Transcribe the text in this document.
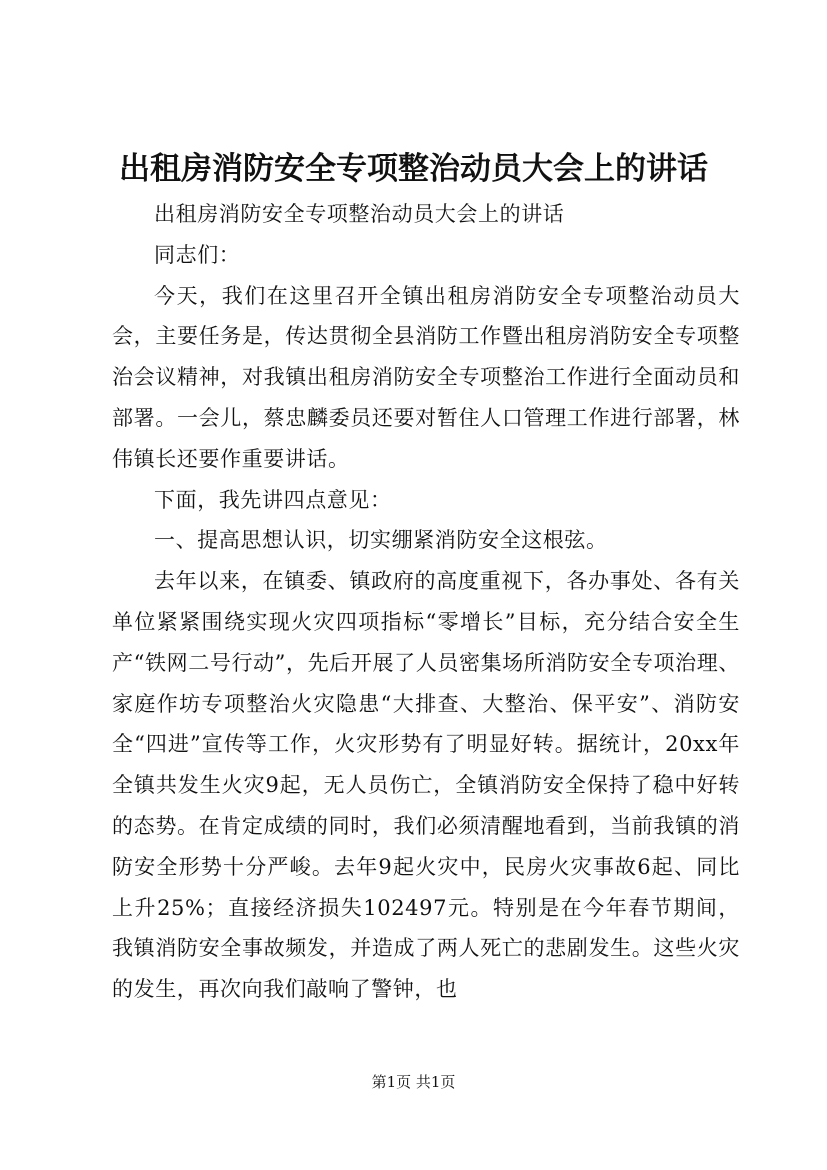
出租房消防安全专项整治动员大会上的讲话

出租房消防安全专项整治动员大会上的讲话

同志们：

今天，我们在这里召开全镇出租房消防安全专项整治动员大会，主要任务是，传达贯彻全县消防工作暨出租房消防安全专项整治会议精神，对我镇出租房消防安全专项整治工作进行全面动员和部署。一会儿，蔡忠麟委员还要对暂住人口管理工作进行部署，林伟镇长还要作重要讲话。

下面，我先讲四点意见：

一、提高思想认识，切实绷紧消防安全这根弦。

去年以来，在镇委、镇政府的高度重视下，各办事处、各有关单位紧紧围绕实现火灾四项指标“零增长”目标，充分结合安全生产“铁网二号行动”，先后开展了人员密集场所消防安全专项治理、家庭作坊专项整治火灾隐患“大排查、大整治、保平安”、消防安全“四进”宣传等工作，火灾形势有了明显好转。据统计，20xx年全镇共发生火灾9起，无人员伤亡，全镇消防安全保持了稳中好转的态势。在肯定成绩的同时，我们必须清醒地看到，当前我镇的消防安全形势十分严峻。去年9起火灾中，民房火灾事故6起、同比上升25%；直接经济损失102497元。特别是在今年春节期间，我镇消防安全事故频发，并造成了两人死亡的悲剧发生。这些火灾的发生，再次向我们敲响了警钟，也

第1页 共1页
